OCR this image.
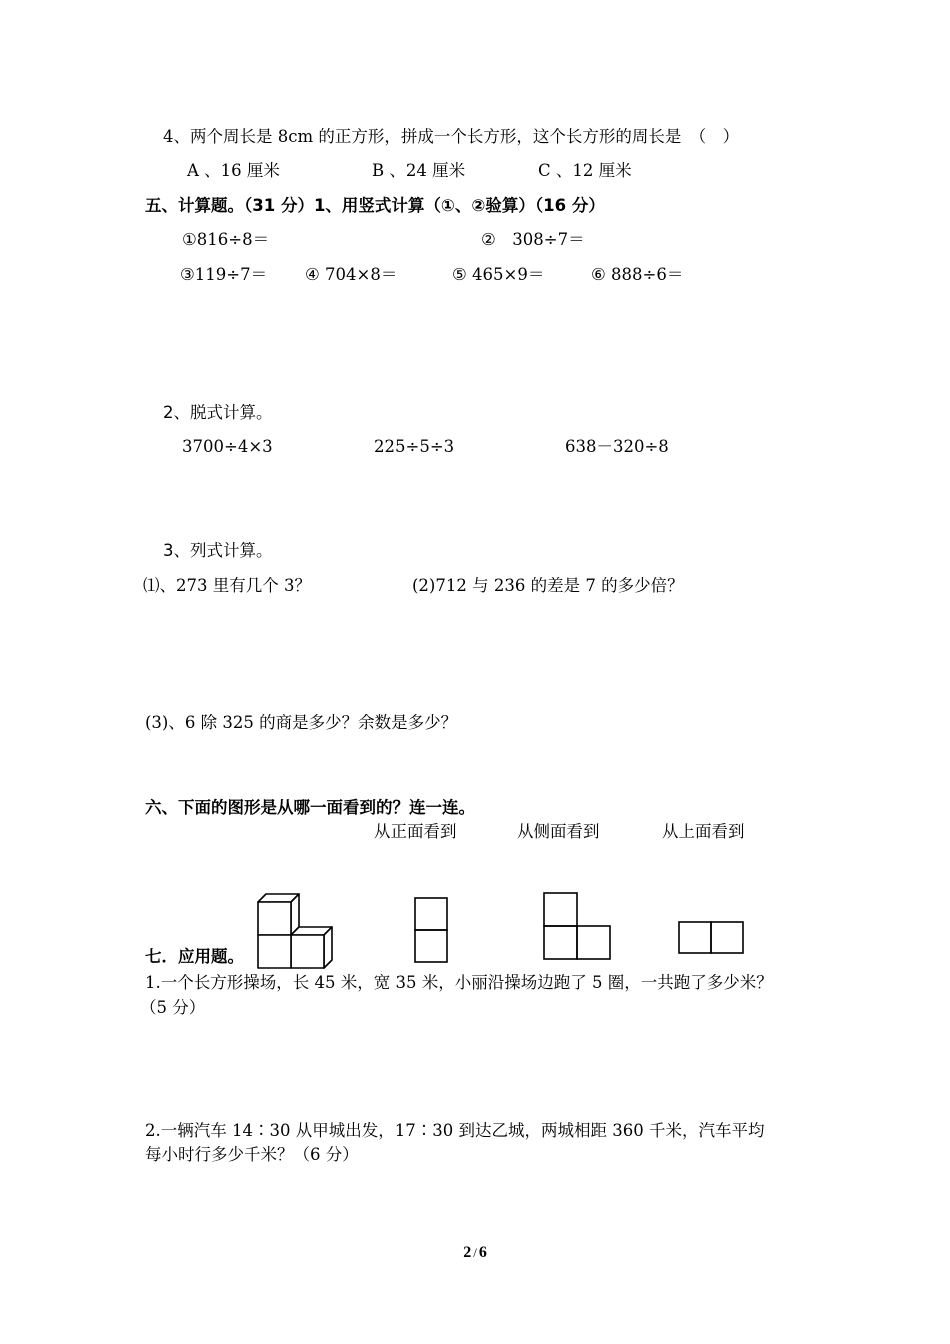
4、两个周长是 8cm 的正方形，拼成一个长方形，这个长方形的周长是　（　）
A 、16 厘米	B 、24 厘米	C 、12 厘米
五、计算题。（31 分）1、用竖式计算（①、②验算）（16 分）
①816÷8＝	②　308÷7＝
③119÷7＝ ④ 704×8＝	⑤ 465×9＝	⑥ 888÷6＝
2、脱式计算。
3700÷4×3	225÷5÷3	638－320÷8
3、列式计算。
⑴、273 里有几个 3？	(2)712 与 236 的差是 7 的多少倍？
(3)、6 除 325 的商是多少？余数是多少？
六、下面的图形是从哪一面看到的？连一连。
从正面看到	从侧面看到	从上面看到
七．应用题。
1.一个长方形操场，长 45 米，宽 35 米，小丽沿操场边跑了 5 圈，一共跑了多少米？
（5 分）
2.一辆汽车 14∶30 从甲城出发，17∶30 到达乙城，两城相距 360 千米，汽车平均
每小时行多少千米？（6 分）
2 / 6
